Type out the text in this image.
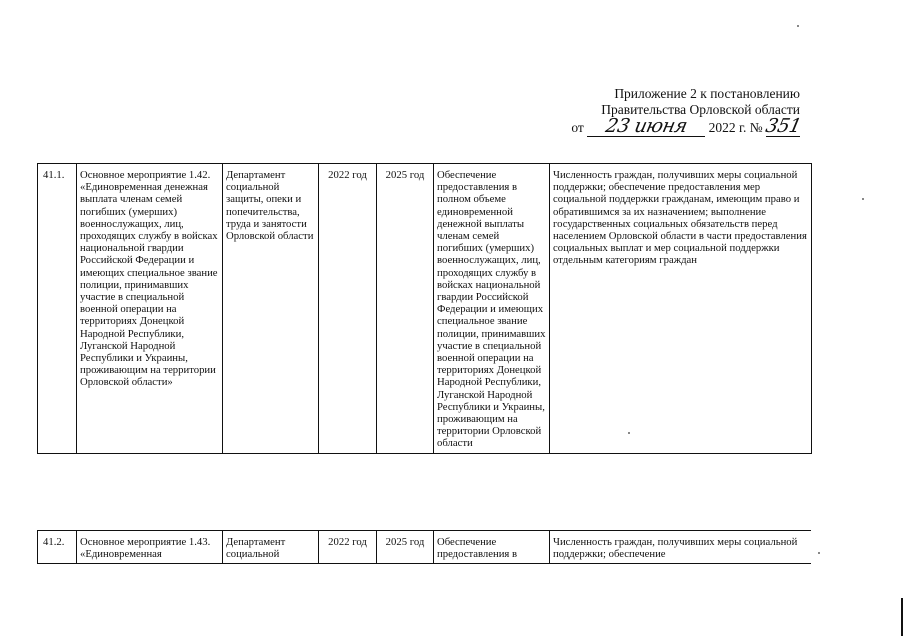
Приложение 2 к постановлению
Правительства Орловской области
от 23 июня 2022 г. № 351
41.1.	Основное мероприятие 1.42. «Единовременная денежная выплата членам семей погибших (умерших) военнослужащих, лиц, проходящих службу в войсках национальной гвардии Российской Федерации и имеющих специальное звание полиции, принимавших участие в специальной военной операции на территориях Донецкой Народной Республики, Луганской Народной Республики и Украины, проживающим на территории Орловской области»	Департамент социальной защиты, опеки и попечительства, труда и занятости Орловской области	2022 год	2025 год	Обеспечение предоставления в полном объеме единовременной денежной выплаты членам семей погибших (умерших) военнослужащих, лиц, проходящих службу в войсках национальной гвардии Российской Федерации и имеющих специальное звание полиции, принимавших участие в специальной военной операции на территориях Донецкой Народной Республики, Луганской Народной Республики и Украины, проживающим на территории Орловской области	Численность граждан, получивших меры социальной поддержки; обеспечение предоставления мер социальной поддержки гражданам, имеющим право и обратившимся за их назначением; выполнение государственных социальных обязательств перед населением Орловской области в части предоставления социальных выплат и мер социальной поддержки отдельным категориям граждан
41.2.	Основное мероприятие 1.43. «Единовременная	Департамент социальной	2022 год	2025 год	Обеспечение предоставления в	Численность граждан, получивших меры социальной поддержки; обеспечение
